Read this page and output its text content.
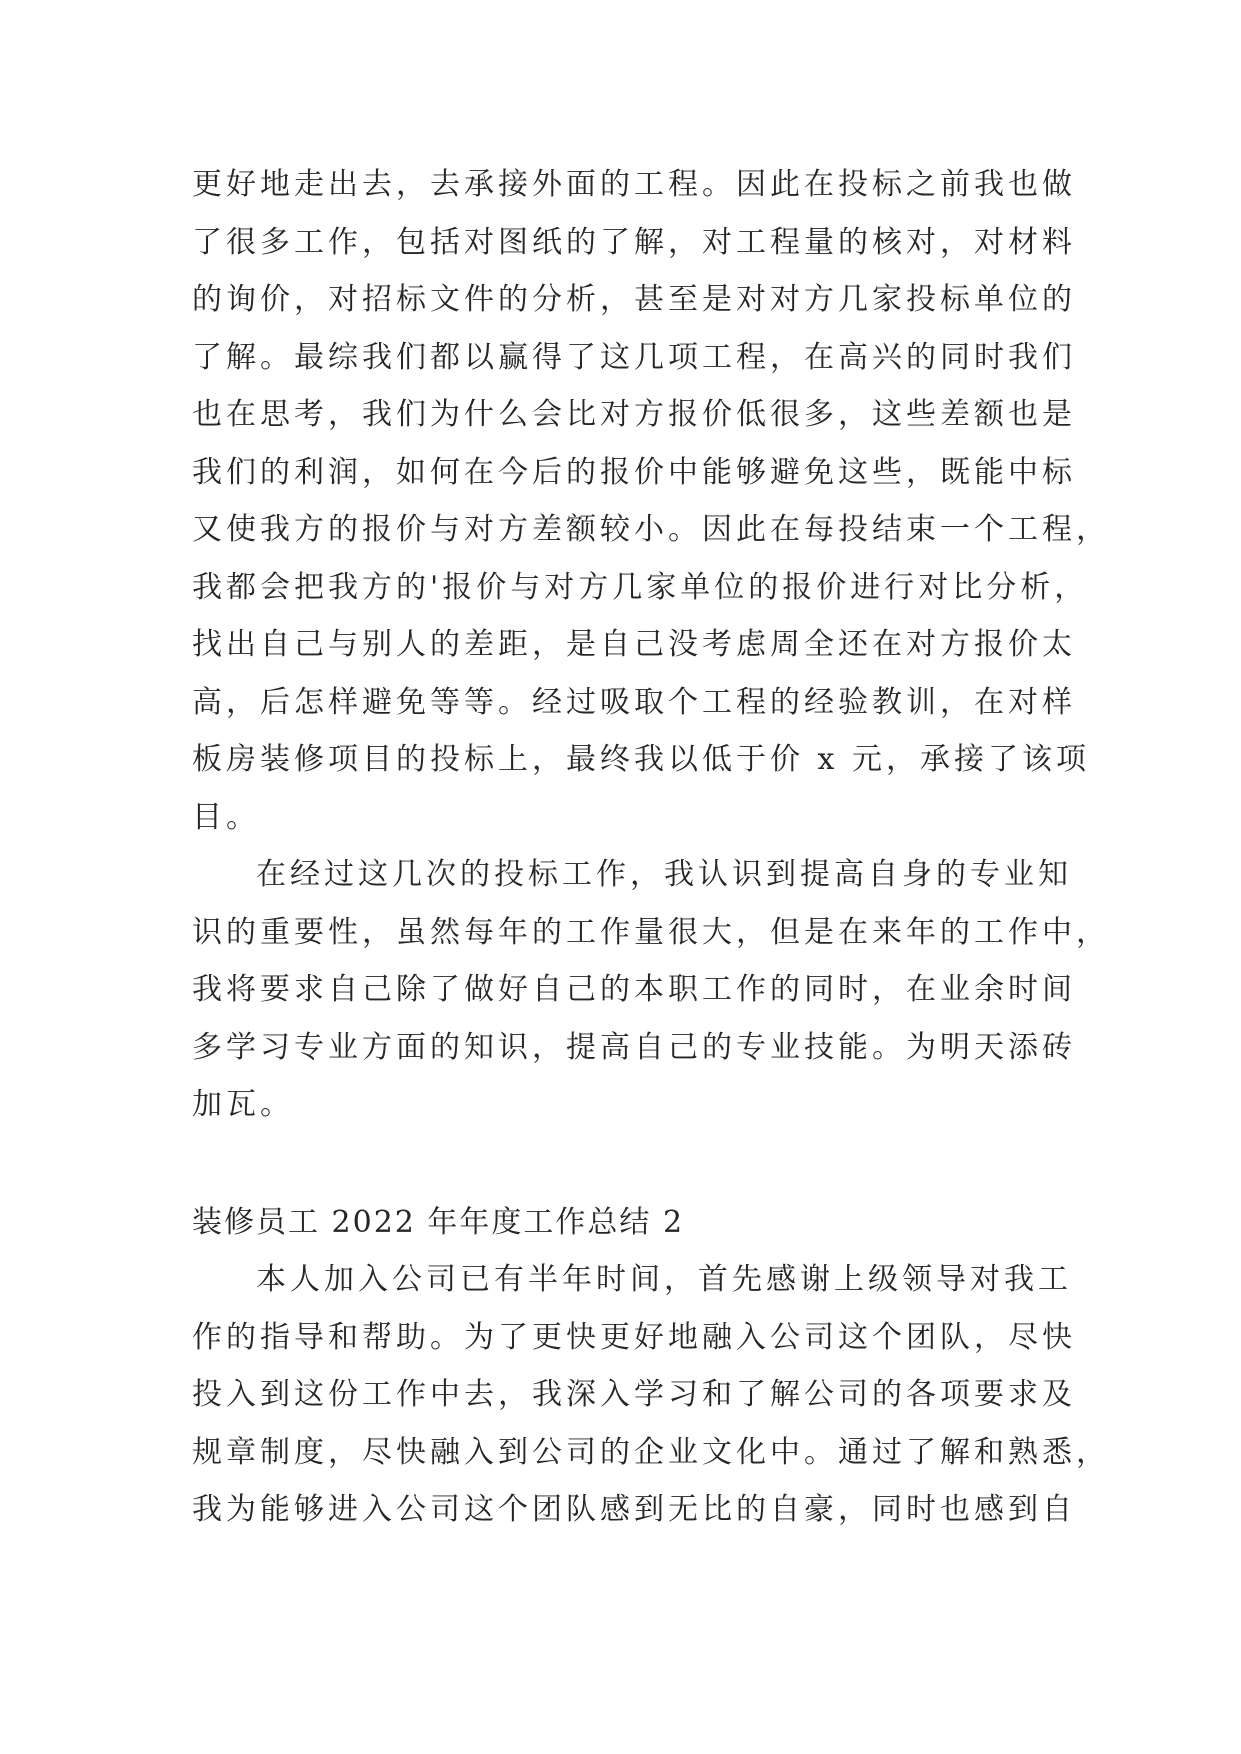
更好地走出去，去承接外面的工程。因此在投标之前我也做
了很多工作，包括对图纸的了解，对工程量的核对，对材料
的询价，对招标文件的分析，甚至是对对方几家投标单位的
了解。最综我们都以赢得了这几项工程，在高兴的同时我们
也在思考，我们为什么会比对方报价低很多，这些差额也是
我们的利润，如何在今后的报价中能够避免这些，既能中标
又使我方的报价与对方差额较小。因此在每投结束一个工程，
我都会把我方的'报价与对方几家单位的报价进行对比分析，
找出自己与别人的差距，是自己没考虑周全还在对方报价太
高，后怎样避免等等。经过吸取个工程的经验教训，在对样
板房装修项目的投标上，最终我以低于价 x 元，承接了该项
目。
在经过这几次的投标工作，我认识到提高自身的专业知
识的重要性，虽然每年的工作量很大，但是在来年的工作中，
我将要求自己除了做好自己的本职工作的同时，在业余时间
多学习专业方面的知识，提高自己的专业技能。为明天添砖
加瓦。
装修员工 2022 年年度工作总结 2
本人加入公司已有半年时间，首先感谢上级领导对我工
作的指导和帮助。为了更快更好地融入公司这个团队，尽快
投入到这份工作中去，我深入学习和了解公司的各项要求及
规章制度，尽快融入到公司的企业文化中。通过了解和熟悉，
我为能够进入公司这个团队感到无比的自豪，同时也感到自
